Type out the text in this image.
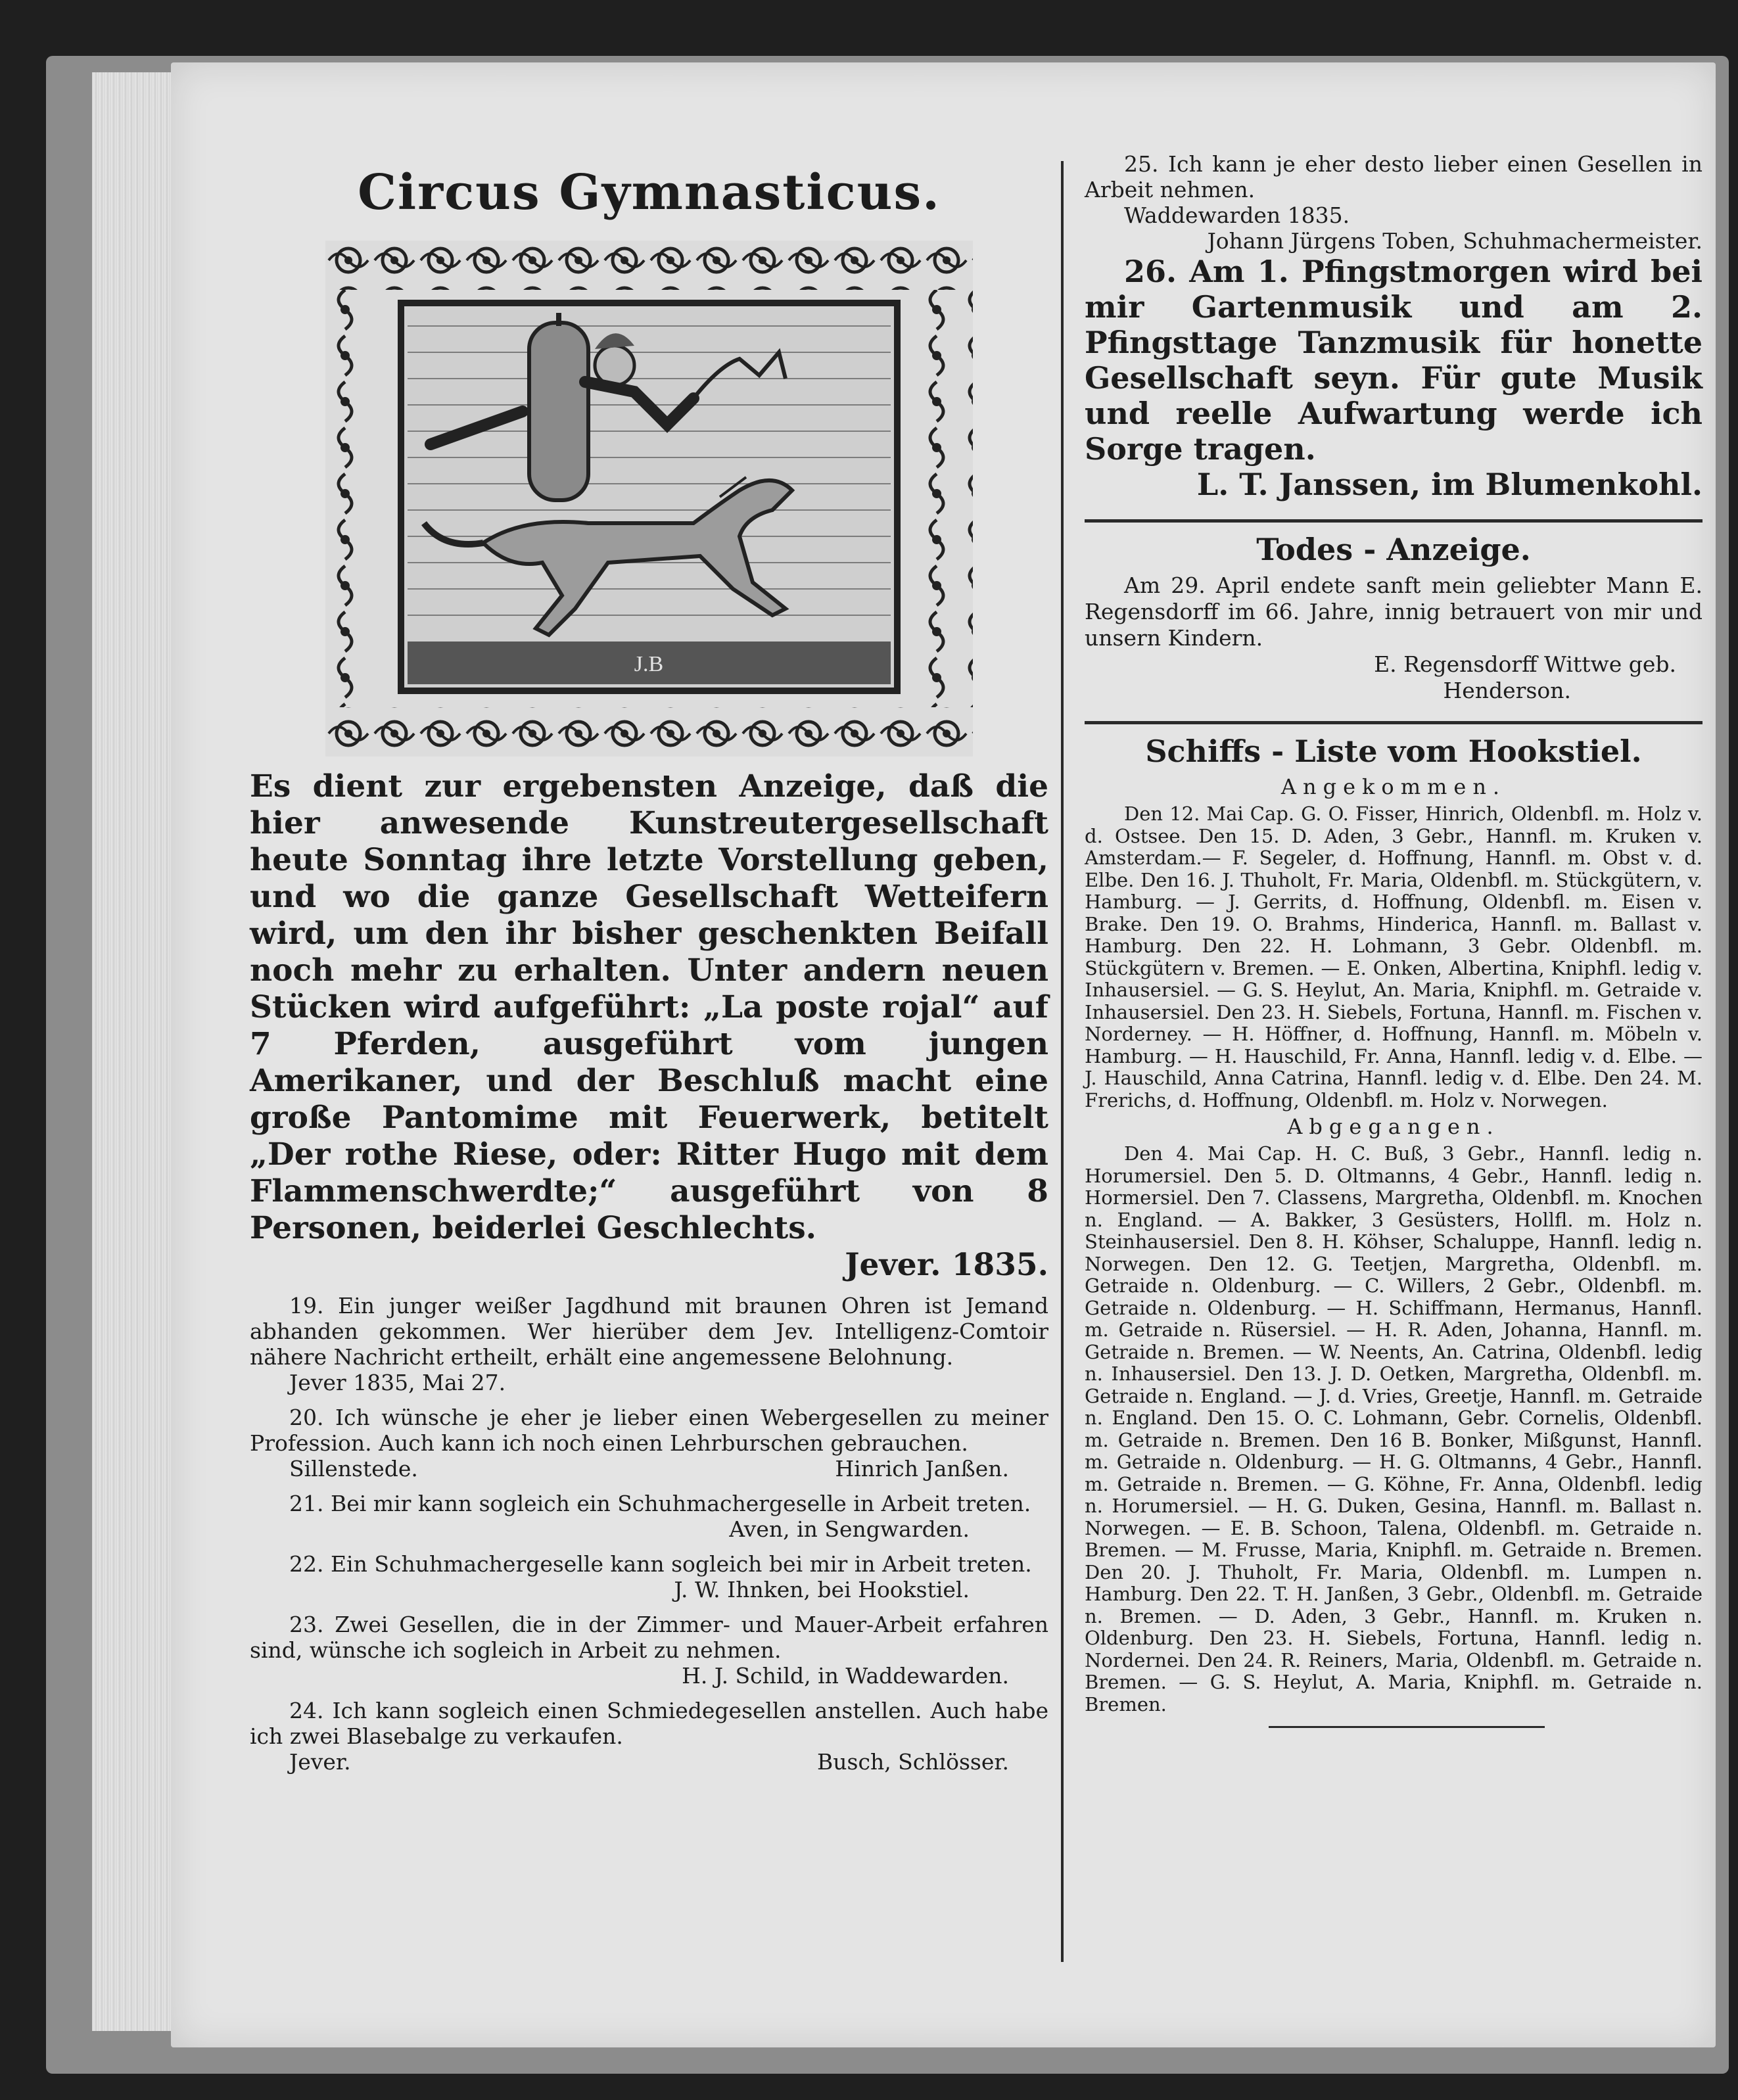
Circus Gymnasticus.
J.B
Es dient zur ergebensten Anzeige, daß die hier anwesende Kunstreutergesellschaft heute Sonntag ihre letzte Vorstellung geben, und wo die ganze Gesellschaft Wetteifern wird, um den ihr bisher geschenkten Beifall noch mehr zu erhalten. Unter andern neuen Stücken wird aufgeführt: „La poste rojal“ auf 7 Pferden, ausgeführt vom jungen Amerikaner, und der Beschluß macht eine große Pantomime mit Feuerwerk, betitelt „Der rothe Riese, oder: Ritter Hugo mit dem Flammenschwerdte;“ ausgeführt von 8 Personen, beiderlei Geschlechts.
Jever. 1835.

19. Ein junger weißer Jagdhund mit braunen Ohren ist Jemand abhanden gekommen. Wer hierüber dem Jev. Intelligenz-Comtoir nähere Nachricht ertheilt, erhält eine angemessene Belohnung.

Jever 1835, Mai 27.

20. Ich wünsche je eher je lieber einen Webergesellen zu meiner Profession. Auch kann ich noch einen Lehrburschen gebrauchen.

Sillenstede.	Hinrich Janßen.

21. Bei mir kann sogleich ein Schuhmachergeselle in Arbeit treten.

Aven, in Sengwarden.

22. Ein Schuhmachergeselle kann sogleich bei mir in Arbeit treten.

J. W. Ihnken, bei Hookstiel.

23. Zwei Gesellen, die in der Zimmer- und Mauer-Arbeit erfahren sind, wünsche ich sogleich in Arbeit zu nehmen.

H. J. Schild, in Waddewarden.

24. Ich kann sogleich einen Schmiedegesellen anstellen. Auch habe ich zwei Blasebalge zu verkaufen.

Jever.	Busch, Schlösser.

25. Ich kann je eher desto lieber einen Gesellen in Arbeit nehmen.

Waddewarden 1835.

Johann Jürgens Toben, Schuhmachermeister.

26. Am 1. Pfingstmorgen wird bei mir Gartenmusik und am 2. Pfingsttage Tanzmusik für honette Gesellschaft seyn. Für gute Musik und reelle Aufwartung werde ich Sorge tragen.

L. T. Janssen, im Blumenkohl.
Todes - Anzeige.

Am 29. April endete sanft mein geliebter Mann E. Regensdorff im 66. Jahre, innig betrauert von mir und unsern Kindern.

E. Regensdorff Wittwe geb.
Henderson.
Schiffs - Liste vom Hookstiel.
Angekommen.

Den 12. Mai Cap. G. O. Fisser, Hinrich, Oldenbfl. m. Holz v. d. Ostsee. Den 15. D. Aden, 3 Gebr., Hannfl. m. Kruken v. Amsterdam.— F. Segeler, d. Hoffnung, Hannfl. m. Obst v. d. Elbe. Den 16. J. Thuholt, Fr. Maria, Oldenbfl. m. Stückgütern, v. Hamburg. — J. Gerrits, d. Hoffnung, Oldenbfl. m. Eisen v. Brake. Den 19. O. Brahms, Hinderica, Hannfl. m. Ballast v. Hamburg. Den 22. H. Lohmann, 3 Gebr. Oldenbfl. m. Stückgütern v. Bremen. — E. Onken, Albertina, Kniphfl. ledig v. Inhausersiel. — G. S. Heylut, An. Maria, Kniphfl. m. Getraide v. Inhausersiel. Den 23. H. Siebels, Fortuna, Hannfl. m. Fischen v. Norderney. — H. Höffner, d. Hoffnung, Hannfl. m. Möbeln v. Hamburg. — H. Hauschild, Fr. Anna, Hannfl. ledig v. d. Elbe. — J. Hauschild, Anna Catrina, Hannfl. ledig v. d. Elbe. Den 24. M. Frerichs, d. Hoffnung, Oldenbfl. m. Holz v. Norwegen.

Abgegangen.

Den 4. Mai Cap. H. C. Buß, 3 Gebr., Hannfl. ledig n. Horumersiel. Den 5. D. Oltmanns, 4 Gebr., Hannfl. ledig n. Hormersiel. Den 7. Classens, Margretha, Oldenbfl. m. Knochen n. England. — A. Bakker, 3 Gesüsters, Hollfl. m. Holz n. Steinhausersiel. Den 8. H. Köhser, Schaluppe, Hannfl. ledig n. Norwegen. Den 12. G. Teetjen, Margretha, Oldenbfl. m. Getraide n. Oldenburg. — C. Willers, 2 Gebr., Oldenbfl. m. Getraide n. Oldenburg. — H. Schiffmann, Hermanus, Hannfl. m. Getraide n. Rüsersiel. — H. R. Aden, Johanna, Hannfl. m. Getraide n. Bremen. — W. Neents, An. Catrina, Oldenbfl. ledig n. Inhausersiel. Den 13. J. D. Oetken, Margretha, Oldenbfl. m. Getraide n. England. — J. d. Vries, Greetje, Hannfl. m. Getraide n. England. Den 15. O. C. Lohmann, Gebr. Cornelis, Oldenbfl. m. Getraide n. Bremen. Den 16 B. Bonker, Mißgunst, Hannfl. m. Getraide n. Oldenburg. — H. G. Oltmanns, 4 Gebr., Hannfl. m. Getraide n. Bremen. — G. Köhne, Fr. Anna, Oldenbfl. ledig n. Horumersiel. — H. G. Duken, Gesina, Hannfl. m. Ballast n. Norwegen. — E. B. Schoon, Talena, Oldenbfl. m. Getraide n. Bremen. — M. Frusse, Maria, Kniphfl. m. Getraide n. Bremen. Den 20. J. Thuholt, Fr. Maria, Oldenbfl. m. Lumpen n. Hamburg. Den 22. T. H. Janßen, 3 Gebr., Oldenbfl. m. Getraide n. Bremen. — D. Aden, 3 Gebr., Hannfl. m. Kruken n. Oldenburg. Den 23. H. Siebels, Fortuna, Hannfl. ledig n. Nordernei. Den 24. R. Reiners, Maria, Oldenbfl. m. Getraide n. Bremen. — G. S. Heylut, A. Maria, Kniphfl. m. Getraide n. Bremen.
